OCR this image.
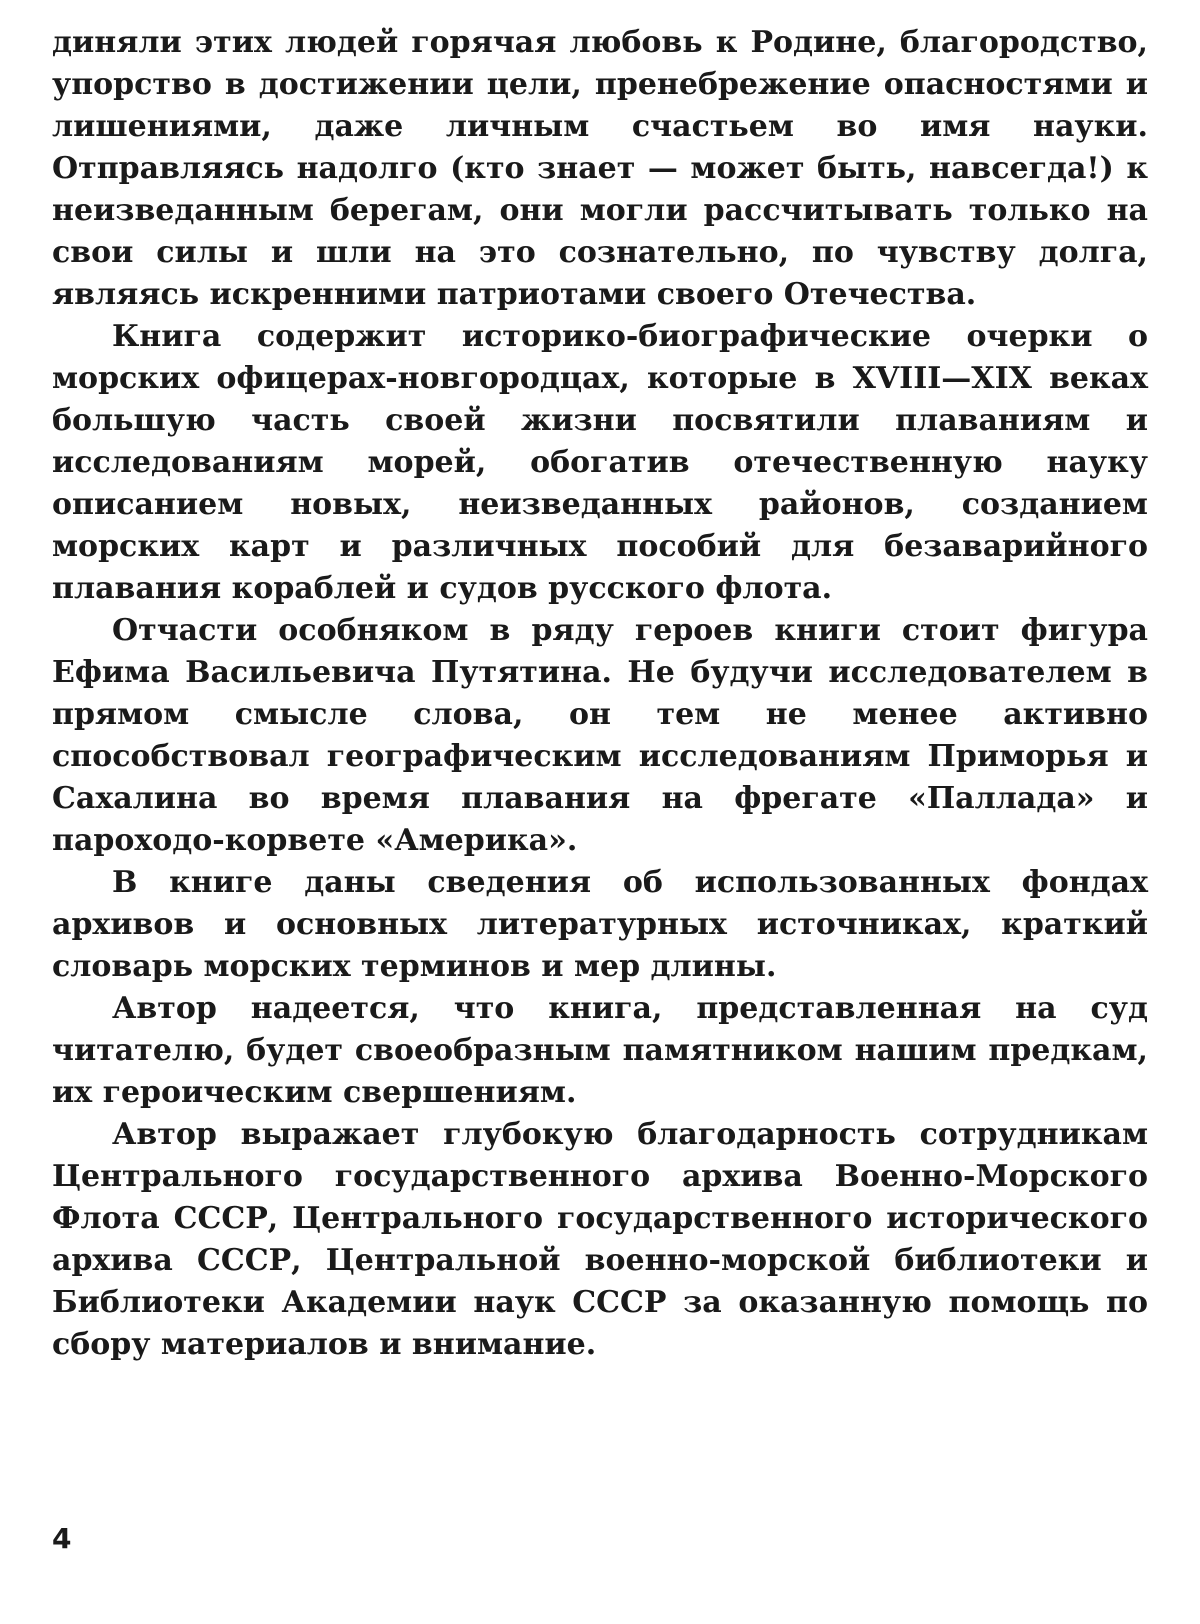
диняли этих людей горячая любовь к Родине, благородство, упорство в достижении цели, пренебрежение опасностями и лишениями, даже личным счастьем во имя науки. Отправляясь надолго (кто знает — может быть, навсегда!) к неизведанным берегам, они могли рассчитывать только на свои силы и шли на это сознательно, по чувству долга, являясь искренними патриотами своего Отечества.

Книга содержит историко-биографические очерки о морских офицерах-новгородцах, которые в XVIII—XIX веках большую часть своей жизни посвятили плаваниям и исследованиям морей, обогатив отечественную науку описанием новых, неизведанных районов, созданием морских карт и различных пособий для безаварийного плавания кораблей и судов русского флота.

Отчасти особняком в ряду героев книги стоит фигура Ефима Васильевича Путятина. Не будучи исследователем в прямом смысле слова, он тем не менее активно способствовал географическим исследованиям Приморья и Сахалина во время плавания на фрегате «Паллада» и пароходо-корвете «Америка».

В книге даны сведения об использованных фондах архивов и основных литературных источниках, краткий словарь морских терминов и мер длины.

Автор надеется, что книга, представленная на суд читателю, будет своеобразным памятником нашим предкам, их героическим свершениям.

Автор выражает глубокую благодарность сотрудникам Центрального государственного архива Военно-Морского Флота СССР, Центрального государственного исторического архива СССР, Центральной военно-морской библиотеки и Библиотеки Академии наук СССР за оказанную помощь по сбору материалов и внимание.

4
